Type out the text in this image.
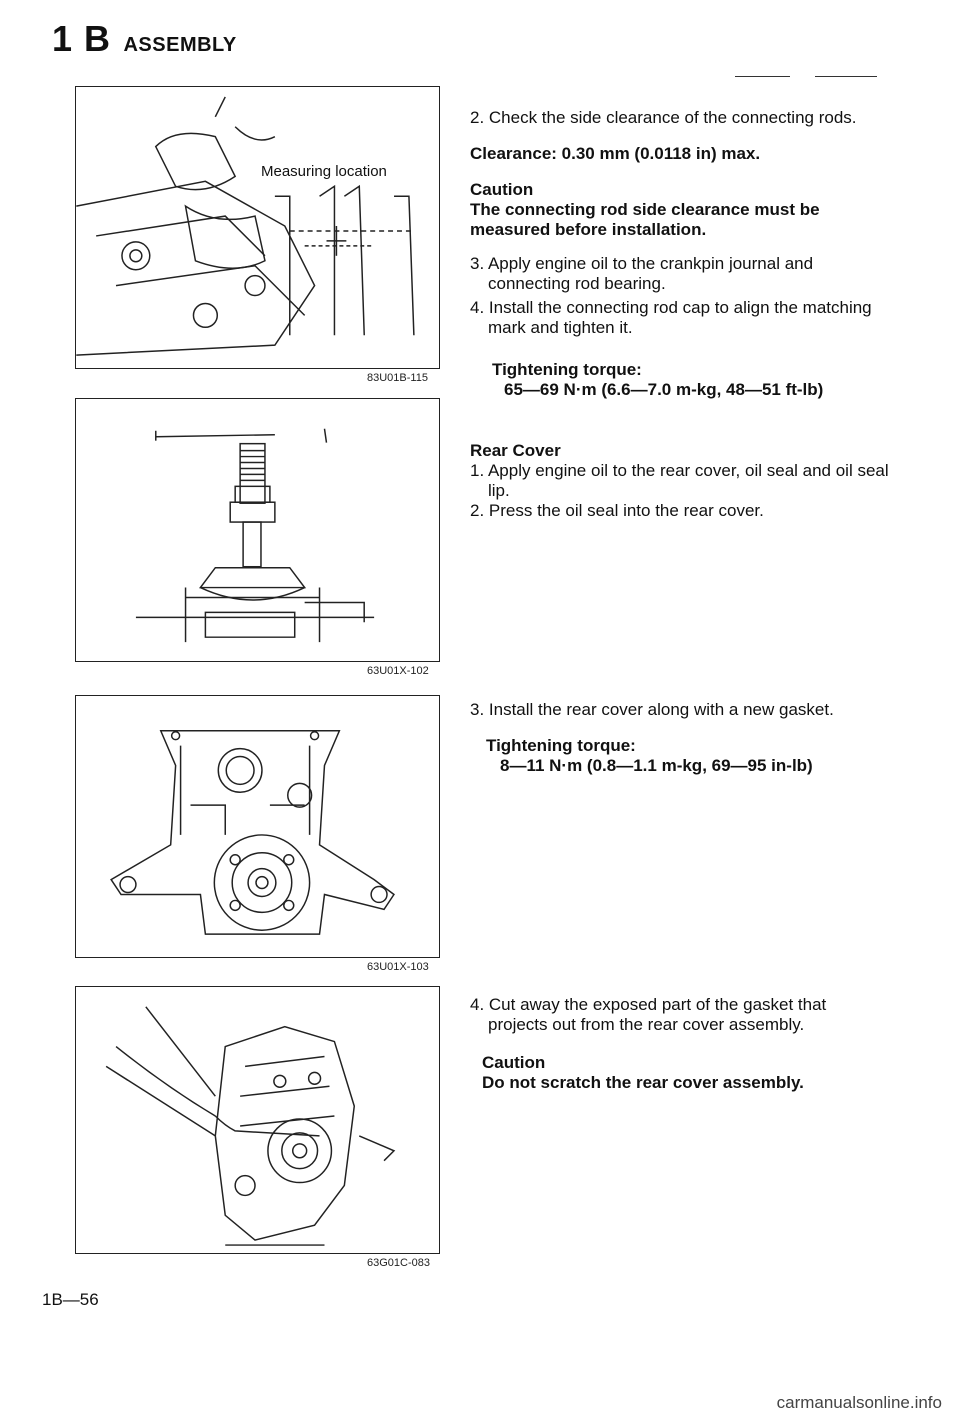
1 B ASSEMBLY
Measuring location
83U01B-115
63U01X-102
63U01X-103
63G01C-083

2. Check the side clearance of the connecting rods.

Clearance: 0.30 mm (0.0118 in) max.

Caution

The connecting rod side clearance must be measured before installation.

3. Apply engine oil to the crankpin journal and connecting rod bearing.

4. Install the connecting rod cap to align the matching mark and tighten it.

Tightening torque:

65—69 N·m (6.6—7.0 m-kg, 48—51 ft-lb)

Rear Cover

1. Apply engine oil to the rear cover, oil seal and oil seal lip.

2. Press the oil seal into the rear cover.

3. Install the rear cover along with a new gasket.

Tightening torque:

8—11 N·m (0.8—1.1 m-kg, 69—95 in-lb)

4. Cut away the exposed part of the gasket that projects out from the rear cover assembly.

Caution

Do not scratch the rear cover assembly.

1B—56
carmanualsonline.info
